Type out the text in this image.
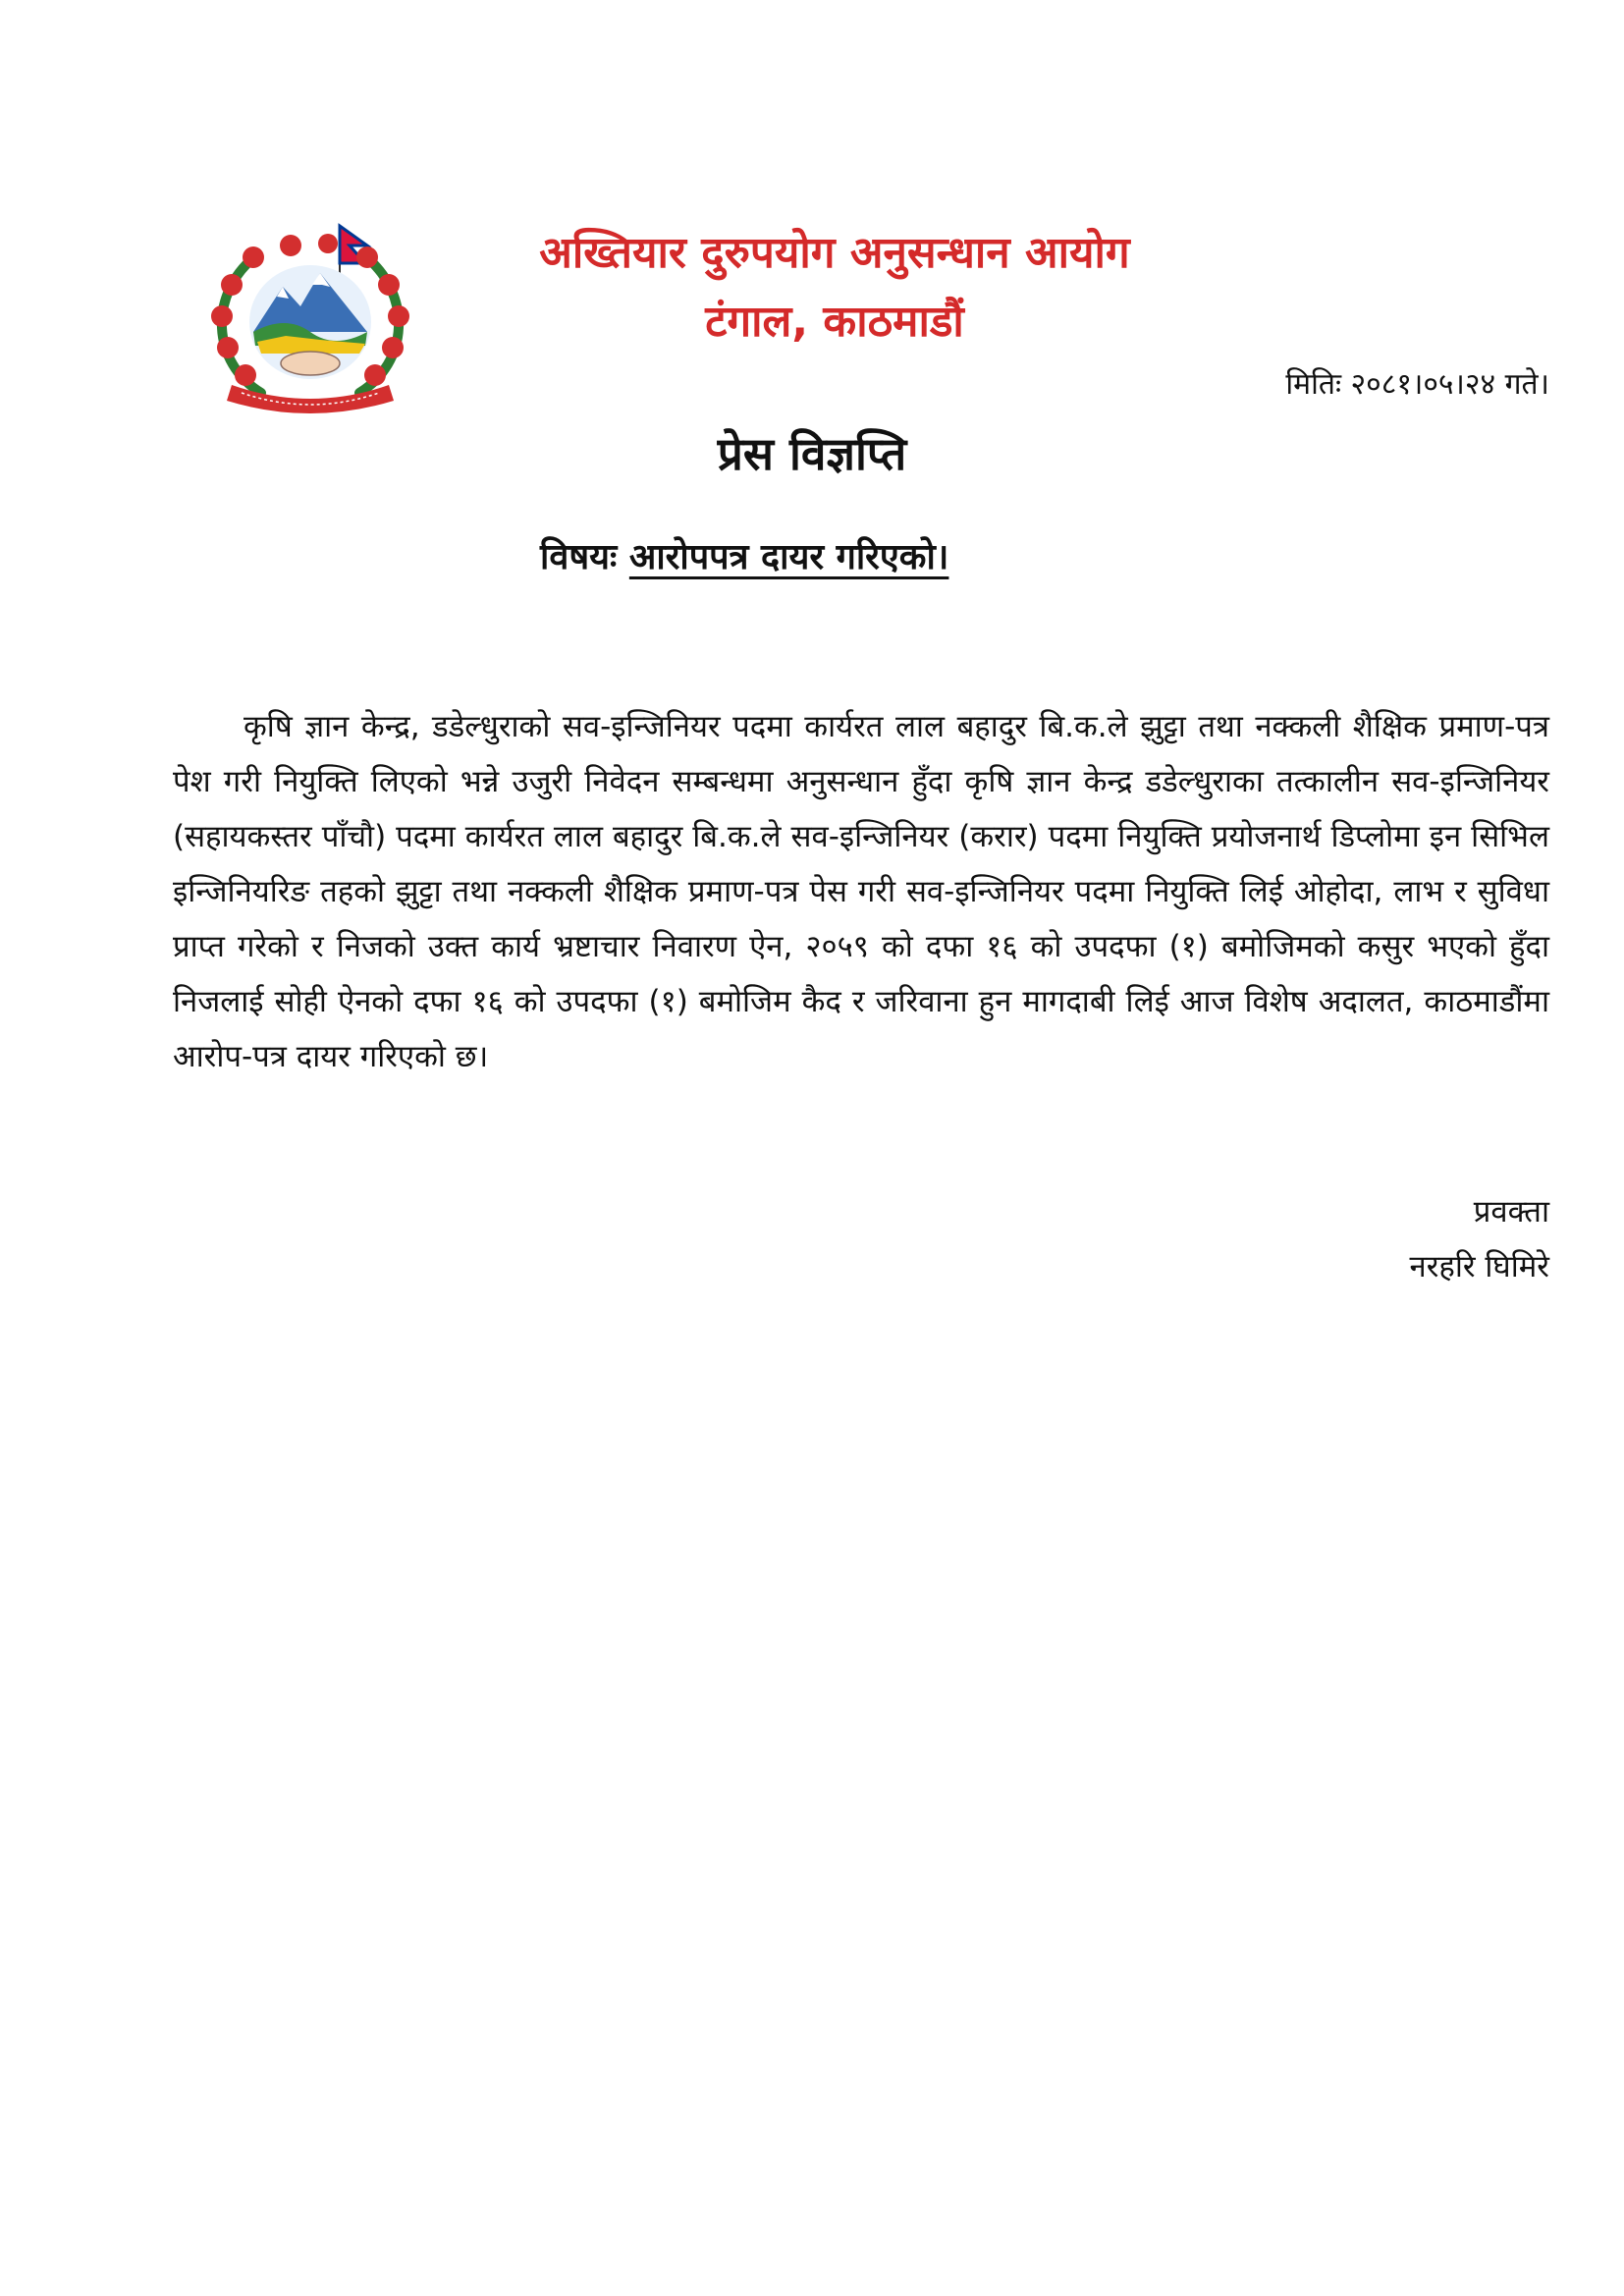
अख्तियार दुरुपयोग अनुसन्धान आयोग
टंगाल, काठमाडौं
मितिः २०८१।०५।२४ गते।
प्रेस विज्ञप्ति
विषयः आरोपपत्र दायर गरिएको।
कृषि ज्ञान केन्द्र, डडेल्धुराको सव-इन्जिनियर पदमा कार्यरत लाल बहादुर बि.क.ले झुट्टा तथा नक्कली शैक्षिक प्रमाण-पत्र पेश गरी नियुक्ति लिएको भन्ने उजुरी निवेदन सम्बन्धमा अनुसन्धान हुँदा कृषि ज्ञान केन्द्र डडेल्धुराका तत्कालीन सव-इन्जिनियर (सहायकस्तर पाँचौ) पदमा कार्यरत लाल बहादुर बि.क.ले सव-इन्जिनियर (करार) पदमा नियुक्ति प्रयोजनार्थ डिप्लोमा इन सिभिल इन्जिनियरिङ तहको झुट्टा तथा नक्कली शैक्षिक प्रमाण-पत्र पेस गरी सव-इन्जिनियर पदमा नियुक्ति लिई ओहोदा, लाभ र सुविधा प्राप्त गरेको र निजको उक्त कार्य भ्रष्टाचार निवारण ऐन, २०५९ को दफा १६ को उपदफा (१) बमोजिमको कसुर भएको हुँदा निजलाई सोही ऐनको दफा १६ को उपदफा (१) बमोजिम कैद र जरिवाना हुन मागदाबी लिई आज विशेष अदालत, काठमाडौंमा आरोप-पत्र दायर गरिएको छ।
प्रवक्ता
नरहरि घिमिरे
